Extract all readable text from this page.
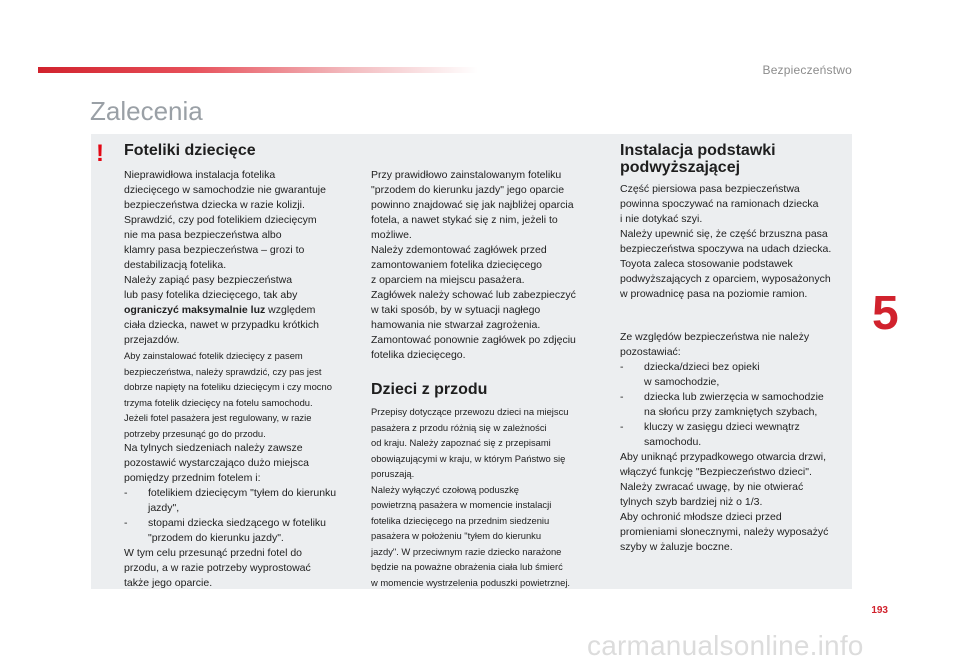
Bezpieczeństwo
Zalecenia
! Foteliki dziecięce

Nieprawidłowa instalacja fotelika

dziecięcego w samochodzie nie gwarantuje

bezpieczeństwa dziecka w razie kolizji.

Sprawdzić, czy pod fotelikiem dziecięcym

nie ma pasa bezpieczeństwa albo

klamry pasa bezpieczeństwa – grozi to

destabilizacją fotelika.

Należy zapiąć pasy bezpieczeństwa

lub pasy fotelika dziecięcego, tak aby

ograniczyć maksymalnie luz względem

ciała dziecka, nawet w przypadku krótkich

przejazdów.

Aby zainstalować fotelik dziecięcy z pasem

bezpieczeństwa, należy sprawdzić, czy pas jest

dobrze napięty na foteliku dziecięcym i czy mocno

trzyma fotelik dziecięcy na fotelu samochodu.

Jeżeli fotel pasażera jest regulowany, w razie

potrzeby przesunąć go do przodu.

Na tylnych siedzeniach należy zawsze

pozostawić wystarczająco dużo miejsca

pomiędzy przednim fotelem i:

-	fotelikiem dziecięcym "tyłem do kierunku

jazdy",

-	stopami dziecka siedzącego w foteliku

"przodem do kierunku jazdy".

W tym celu przesunąć przedni fotel do

przodu, a w razie potrzeby wyprostować

także jego oparcie.

Przy prawidłowo zainstalowanym foteliku

"przodem do kierunku jazdy" jego oparcie

powinno znajdować się jak najbliżej oparcia

fotela, a nawet stykać się z nim, jeżeli to

możliwe.

Należy zdemontować zagłówek przed

zamontowaniem fotelika dziecięcego

z oparciem na miejscu pasażera.

Zagłówek należy schować lub zabezpieczyć

w taki sposób, by w sytuacji nagłego

hamowania nie stwarzał zagrożenia.

Zamontować ponownie zagłówek po zdjęciu

fotelika dziecięcego.

Dzieci z przodu

Przepisy dotyczące przewozu dzieci na miejscu

pasażera z przodu różnią się w zależności

od kraju. Należy zapoznać się z przepisami

obowiązującymi w kraju, w którym Państwo się

poruszają.

Należy wyłączyć czołową poduszkę

powietrzną pasażera w momencie instalacji

fotelika dziecięcego na przednim siedzeniu

pasażera w położeniu "tyłem do kierunku

jazdy". W przeciwnym razie dziecko narażone

będzie na poważne obrażenia ciała lub śmierć

w momencie wystrzelenia poduszki powietrznej.

Instalacja podstawki
podwyższającej

Część piersiowa pasa bezpieczeństwa

powinna spoczywać na ramionach dziecka

i nie dotykać szyi.

Należy upewnić się, że część brzuszna pasa

bezpieczeństwa spoczywa na udach dziecka.

Toyota zaleca stosowanie podstawek

podwyższających z oparciem, wyposażonych

w prowadnicę pasa na poziomie ramion.

Ze względów bezpieczeństwa nie należy

pozostawiać:

-	dziecka/dzieci bez opieki

w samochodzie,

-	dziecka lub zwierzęcia w samochodzie

na słońcu przy zamkniętych szybach,

-	kluczy w zasięgu dzieci wewnątrz

samochodu.

Aby uniknąć przypadkowego otwarcia drzwi,

włączyć funkcję "Bezpieczeństwo dzieci".

Należy zwracać uwagę, by nie otwierać

tylnych szyb bardziej niż o 1/3.

Aby ochronić młodsze dzieci przed

promieniami słonecznymi, należy wyposażyć

szyby w żaluzje boczne.

5
193
carmanualsonline.info
